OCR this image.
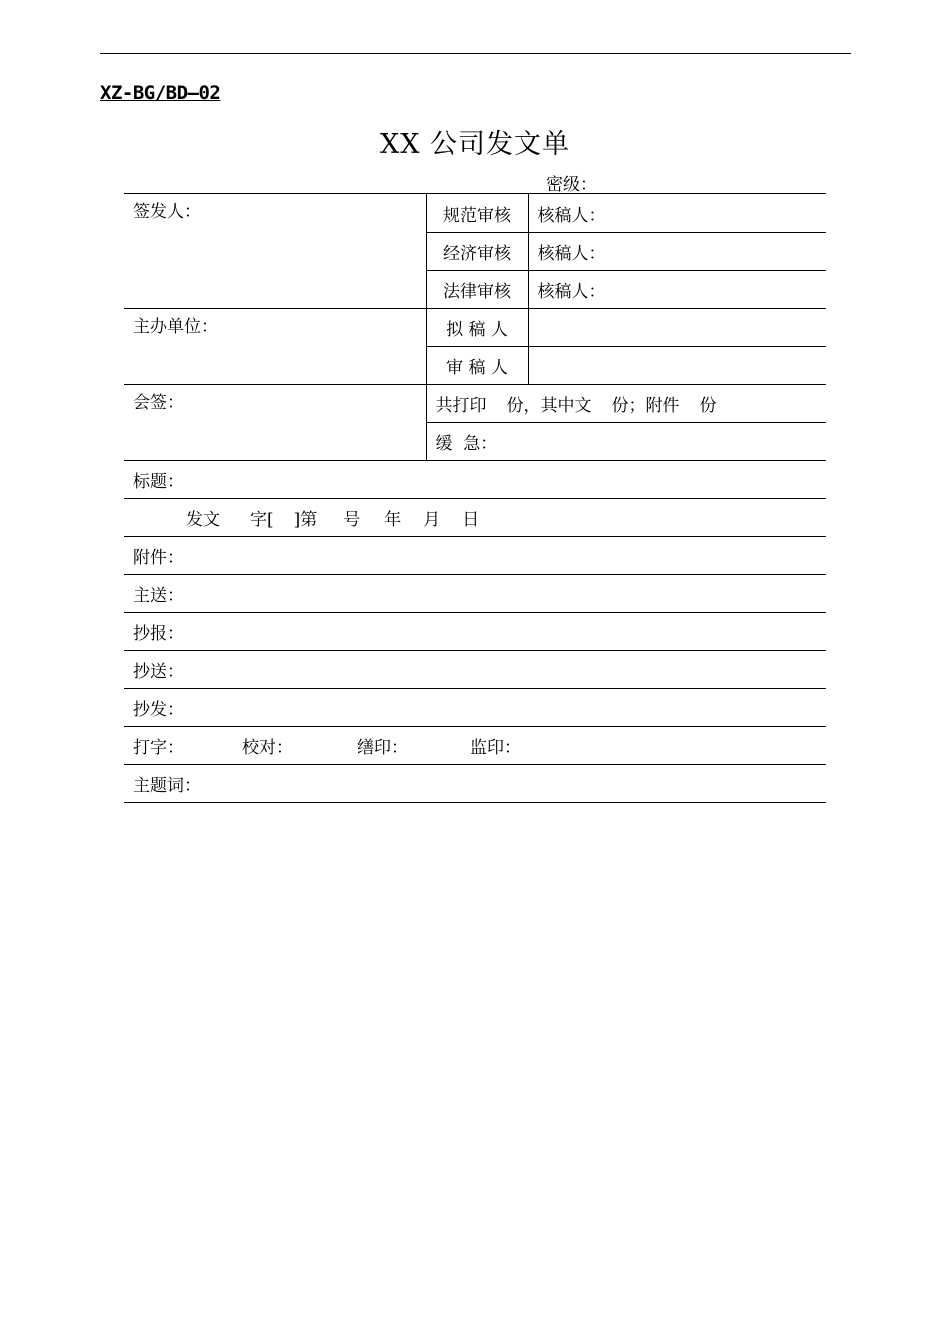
XZ-BG/BD—02
XX 公司发文单
密级：
签发人：	规范审核	核稿人：
	经济审核	核稿人：
	法律审核	核稿人：
主办单位：	拟 稿 人	
	审 稿 人	
会签：	共打印 份，其中文 份；附件 份	
	缓  急：	
标题：		
发文 字[ ]第 号 年 月 日		
附件：		
主送：		
抄报：		
抄送：		
抄发：		
打字： 校对： 缮印： 监印：		
主题词：		
